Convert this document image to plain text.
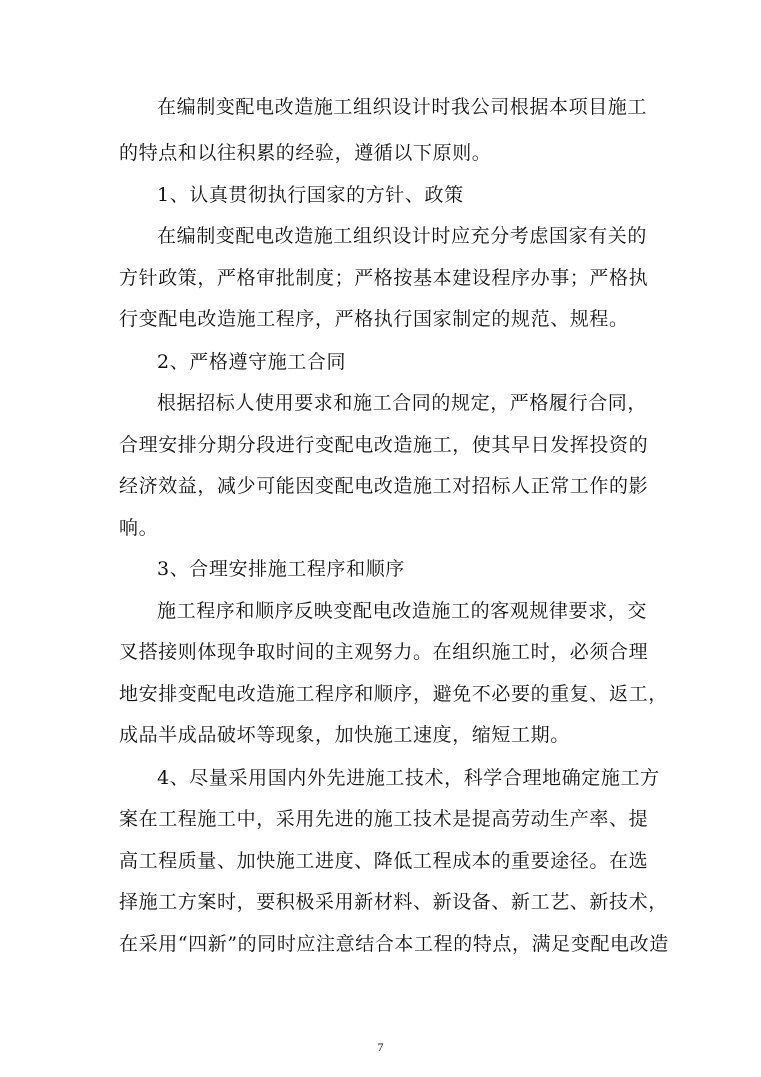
在编制变配电改造施工组织设计时我公司根据本项目施工
的特点和以往积累的经验，遵循以下原则。
1、认真贯彻执行国家的方针、政策
在编制变配电改造施工组织设计时应充分考虑国家有关的
方针政策，严格审批制度；严格按基本建设程序办事；严格执
行变配电改造施工程序，严格执行国家制定的规范、规程。
2、严格遵守施工合同
根据招标人使用要求和施工合同的规定，严格履行合同，
合理安排分期分段进行变配电改造施工，使其早日发挥投资的
经济效益，减少可能因变配电改造施工对招标人正常工作的影
响。
3、合理安排施工程序和顺序
施工程序和顺序反映变配电改造施工的客观规律要求，交
叉搭接则体现争取时间的主观努力。在组织施工时，必须合理
地安排变配电改造施工程序和顺序，避免不必要的重复、返工，
成品半成品破坏等现象，加快施工速度，缩短工期。
4、尽量采用国内外先进施工技术，科学合理地确定施工方
案在工程施工中，采用先进的施工技术是提高劳动生产率、提
高工程质量、加快施工进度、降低工程成本的重要途径。在选
择施工方案时，要积极采用新材料、新设备、新工艺、新技术，
在采用“四新”的同时应注意结合本工程的特点，满足变配电改造
7
